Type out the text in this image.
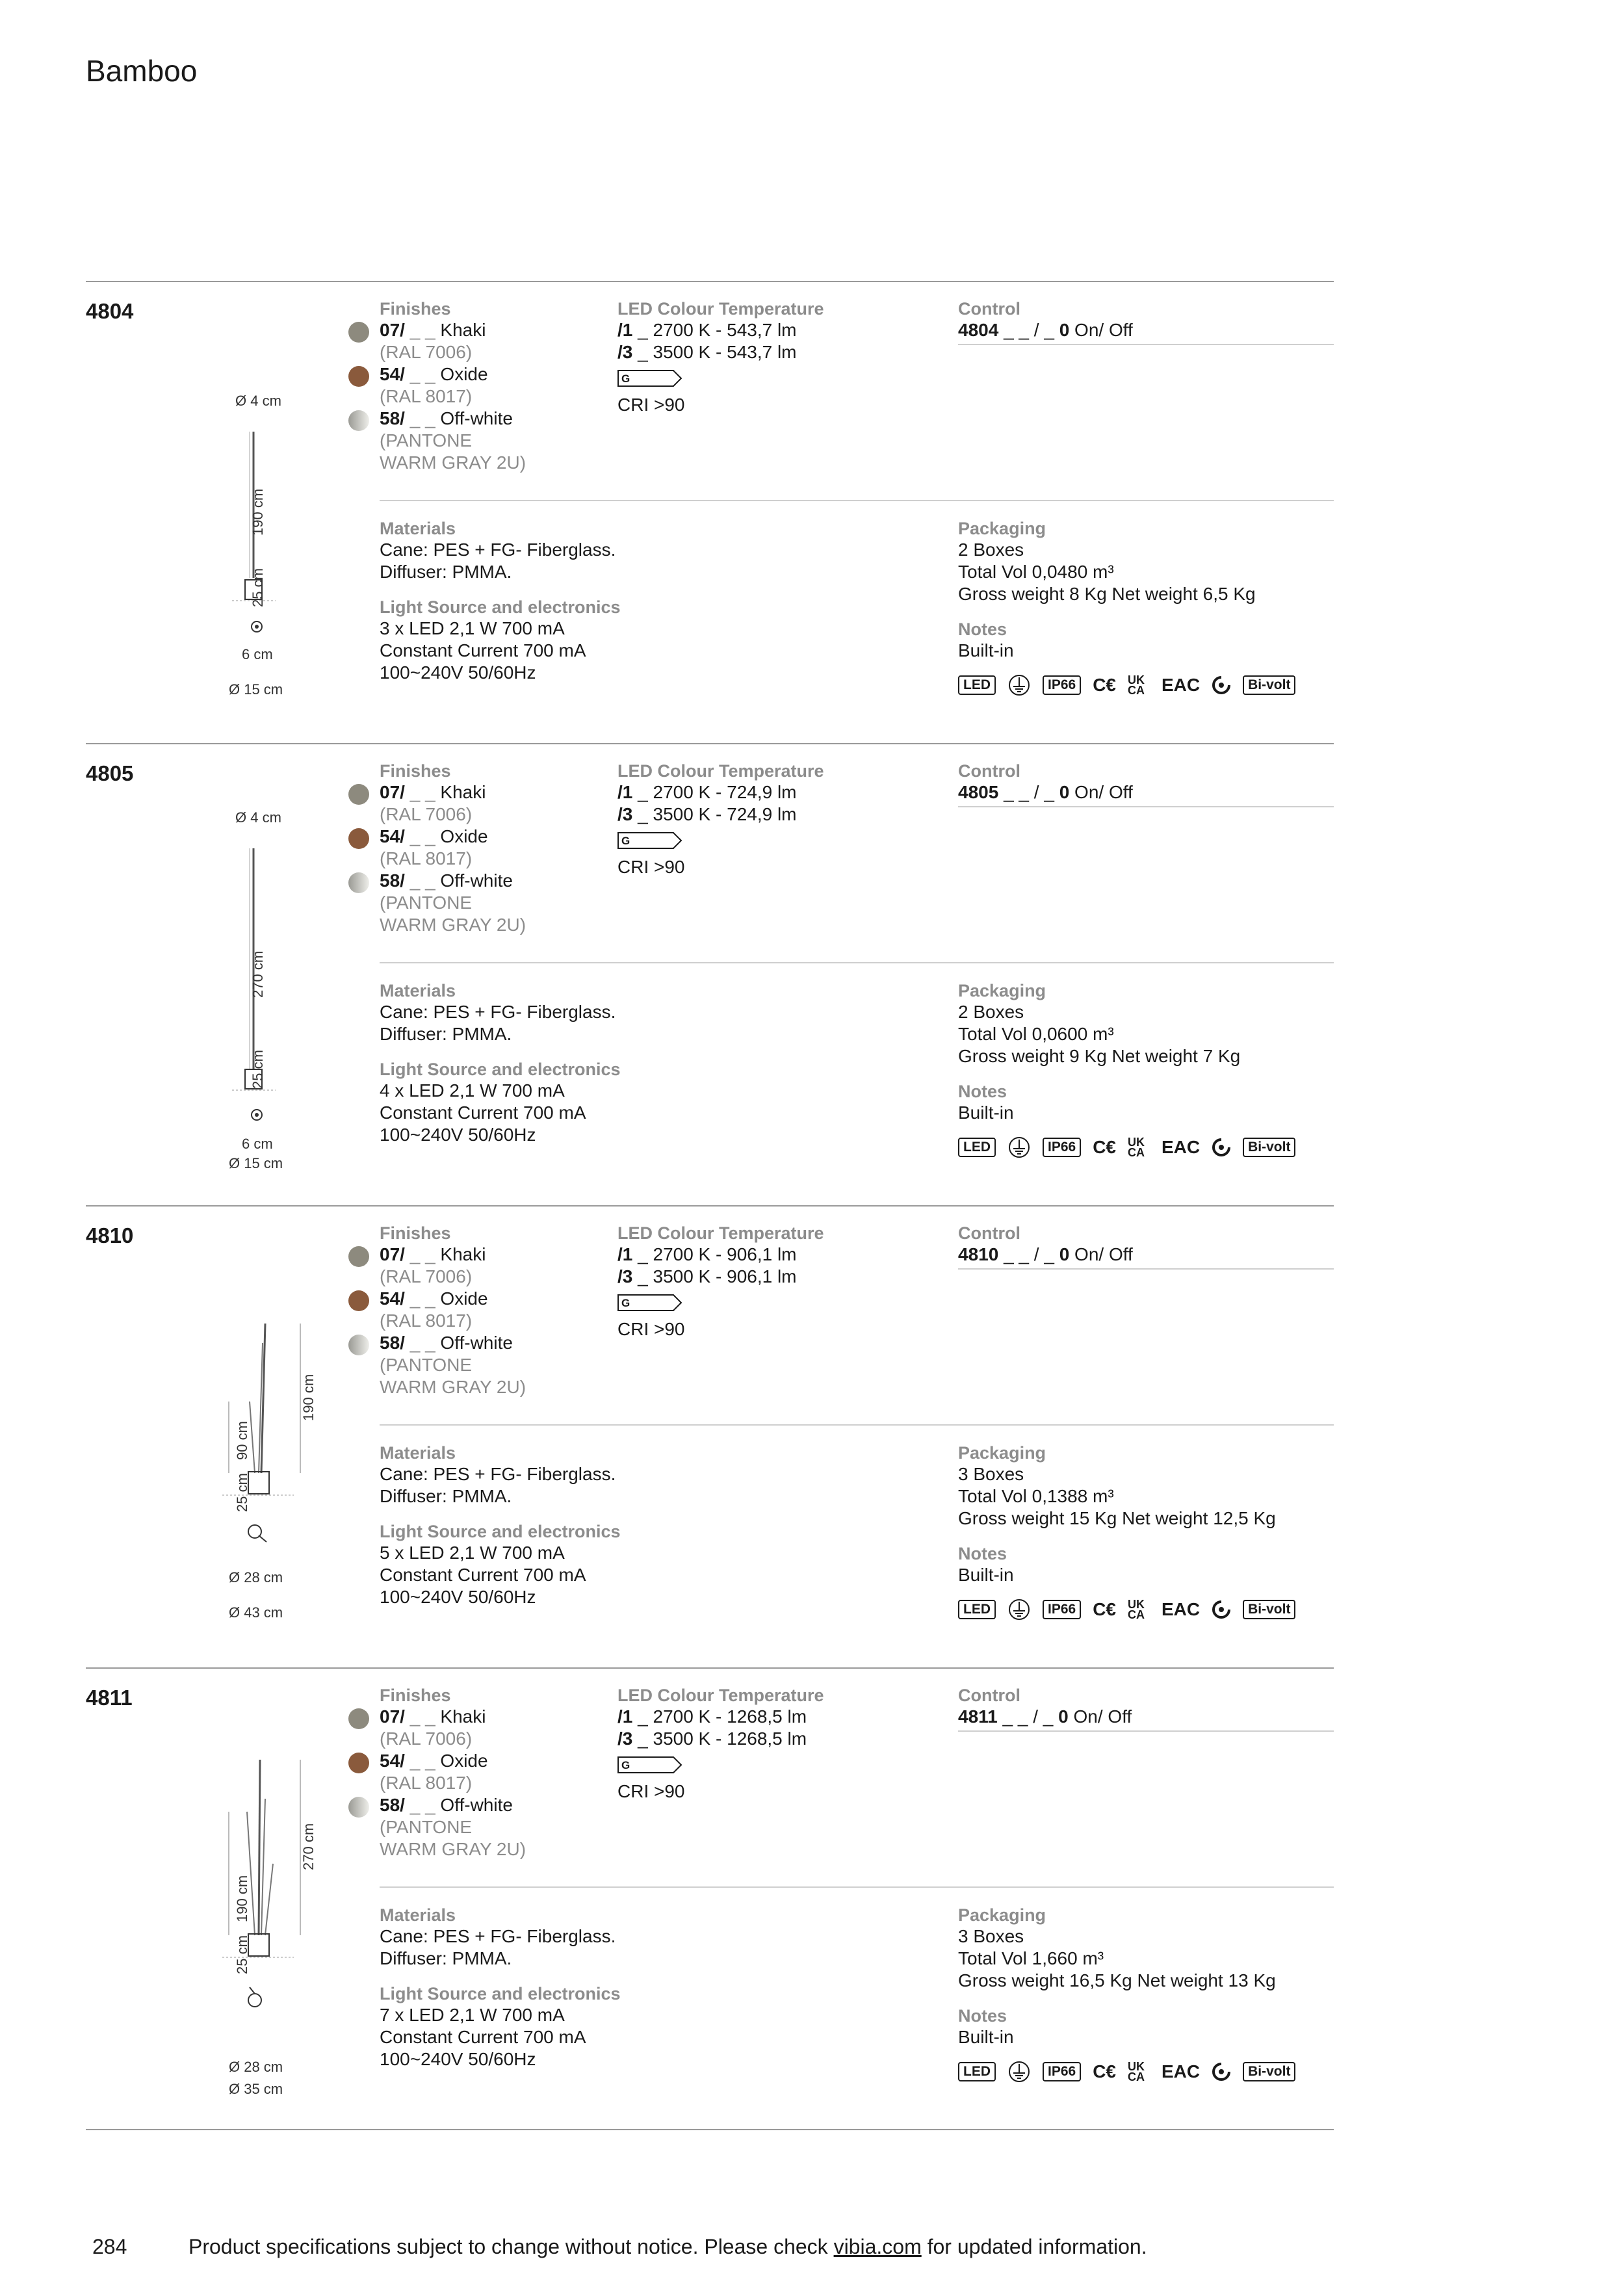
Bamboo
4804
Ø 4 cm
190 cm
25 cm
6 cm
Ø 15 cm
Finishes
07/ _ _ Khaki
(RAL 7006)
54/ _ _ Oxide
(RAL 8017)
58/ _ _ Off-white
(PANTONE
WARM GRAY 2U)
LED Colour Temperature
/1 _ 2700 K - 543,7 lm
/3 _ 3500 K - 543,7 lm
G
CRI >90
Control
4804 _ _ / _ 0 On/ Off
Materials
Cane: PES + FG- Fiberglass.
Diffuser: PMMA.
Light Source and electronics
3 x LED 2,1 W 700 mA
Constant Current 700 mA
100~240V 50/60Hz
Packaging
2 Boxes
Total Vol 0,0480 m³
Gross weight 8 Kg Net weight 6,5 Kg
Notes
Built-in
LED	IP66 C€ UK CA EAC	Bi-volt
4805
Ø 4 cm
270 cm
25 cm
6 cm
Ø 15 cm
Finishes
07/ _ _ Khaki
(RAL 7006)
54/ _ _ Oxide
(RAL 8017)
58/ _ _ Off-white
(PANTONE
WARM GRAY 2U)
LED Colour Temperature
/1 _ 2700 K - 724,9 lm
/3 _ 3500 K - 724,9 lm
G
CRI >90
Control
4805 _ _ / _ 0 On/ Off
Materials
Cane: PES + FG- Fiberglass.
Diffuser: PMMA.
Light Source and electronics
4 x LED 2,1 W 700 mA
Constant Current 700 mA
100~240V 50/60Hz
Packaging
2 Boxes
Total Vol 0,0600 m³
Gross weight 9 Kg Net weight 7 Kg
Notes
Built-in
LED	IP66 C€ UK CA EAC	Bi-volt
4810
190 cm
90 cm
25 cm
Ø 28 cm
Ø 43 cm
Finishes
07/ _ _ Khaki
(RAL 7006)
54/ _ _ Oxide
(RAL 8017)
58/ _ _ Off-white
(PANTONE
WARM GRAY 2U)
LED Colour Temperature
/1 _ 2700 K - 906,1 lm
/3 _ 3500 K - 906,1 lm
G
CRI >90
Control
4810 _ _ / _ 0 On/ Off
Materials
Cane: PES + FG- Fiberglass.
Diffuser: PMMA.
Light Source and electronics
5 x LED 2,1 W 700 mA
Constant Current 700 mA
100~240V 50/60Hz
Packaging
3 Boxes
Total Vol 0,1388 m³
Gross weight 15 Kg Net weight 12,5 Kg
Notes
Built-in
LED	IP66 C€ UK CA EAC	Bi-volt
4811
270 cm
190 cm
25 cm
Ø 28 cm
Ø 35 cm
Finishes
07/ _ _ Khaki
(RAL 7006)
54/ _ _ Oxide
(RAL 8017)
58/ _ _ Off-white
(PANTONE
WARM GRAY 2U)
LED Colour Temperature
/1 _ 2700 K - 1268,5 lm
/3 _ 3500 K - 1268,5 lm
G
CRI >90
Control
4811 _ _ / _ 0 On/ Off
Materials
Cane: PES + FG- Fiberglass.
Diffuser: PMMA.
Light Source and electronics
7 x LED 2,1 W 700 mA
Constant Current 700 mA
100~240V 50/60Hz
Packaging
3 Boxes
Total Vol 1,660 m³
Gross weight 16,5 Kg Net weight 13 Kg
Notes
Built-in
LED	IP66 C€ UK CA EAC	Bi-volt
284	Product specifications subject to change without notice. Please check vibia.com for updated information.
